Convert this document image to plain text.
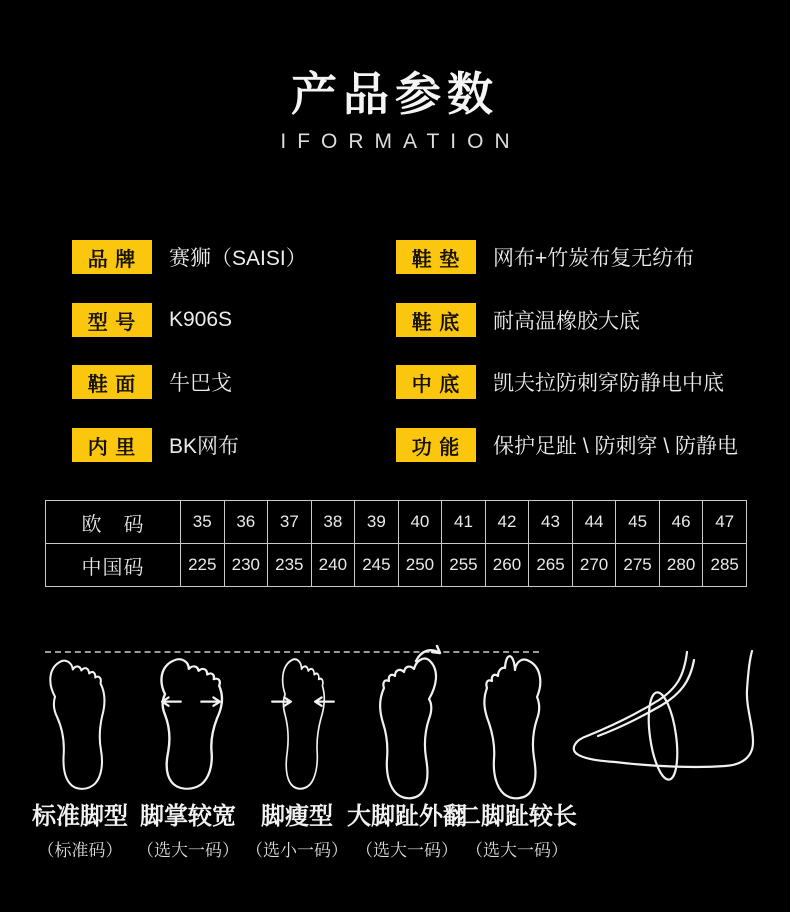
产品参数
IFORMATION
品 牌	赛狮（SAISI）
型 号	K906S
鞋 面	牛巴戈
内 里	BK网布
鞋 垫	网布+竹炭布复无纺布
鞋 底	耐高温橡胶大底
中 底	凯夫拉防刺穿防静电中底
功 能	保护足趾 \ 防刺穿 \ 防静电
欧　码	35	36	37	38	39	40	41	42	43	44	45	46	47
中国码	225	230	235	240	245	250	255	260	265	270	275	280	285
标准脚型
（标准码）
脚掌较宽
（选大一码）
脚瘦型
（选小一码）
大脚趾外翻
（选大一码）
二脚趾较长
（选大一码）
